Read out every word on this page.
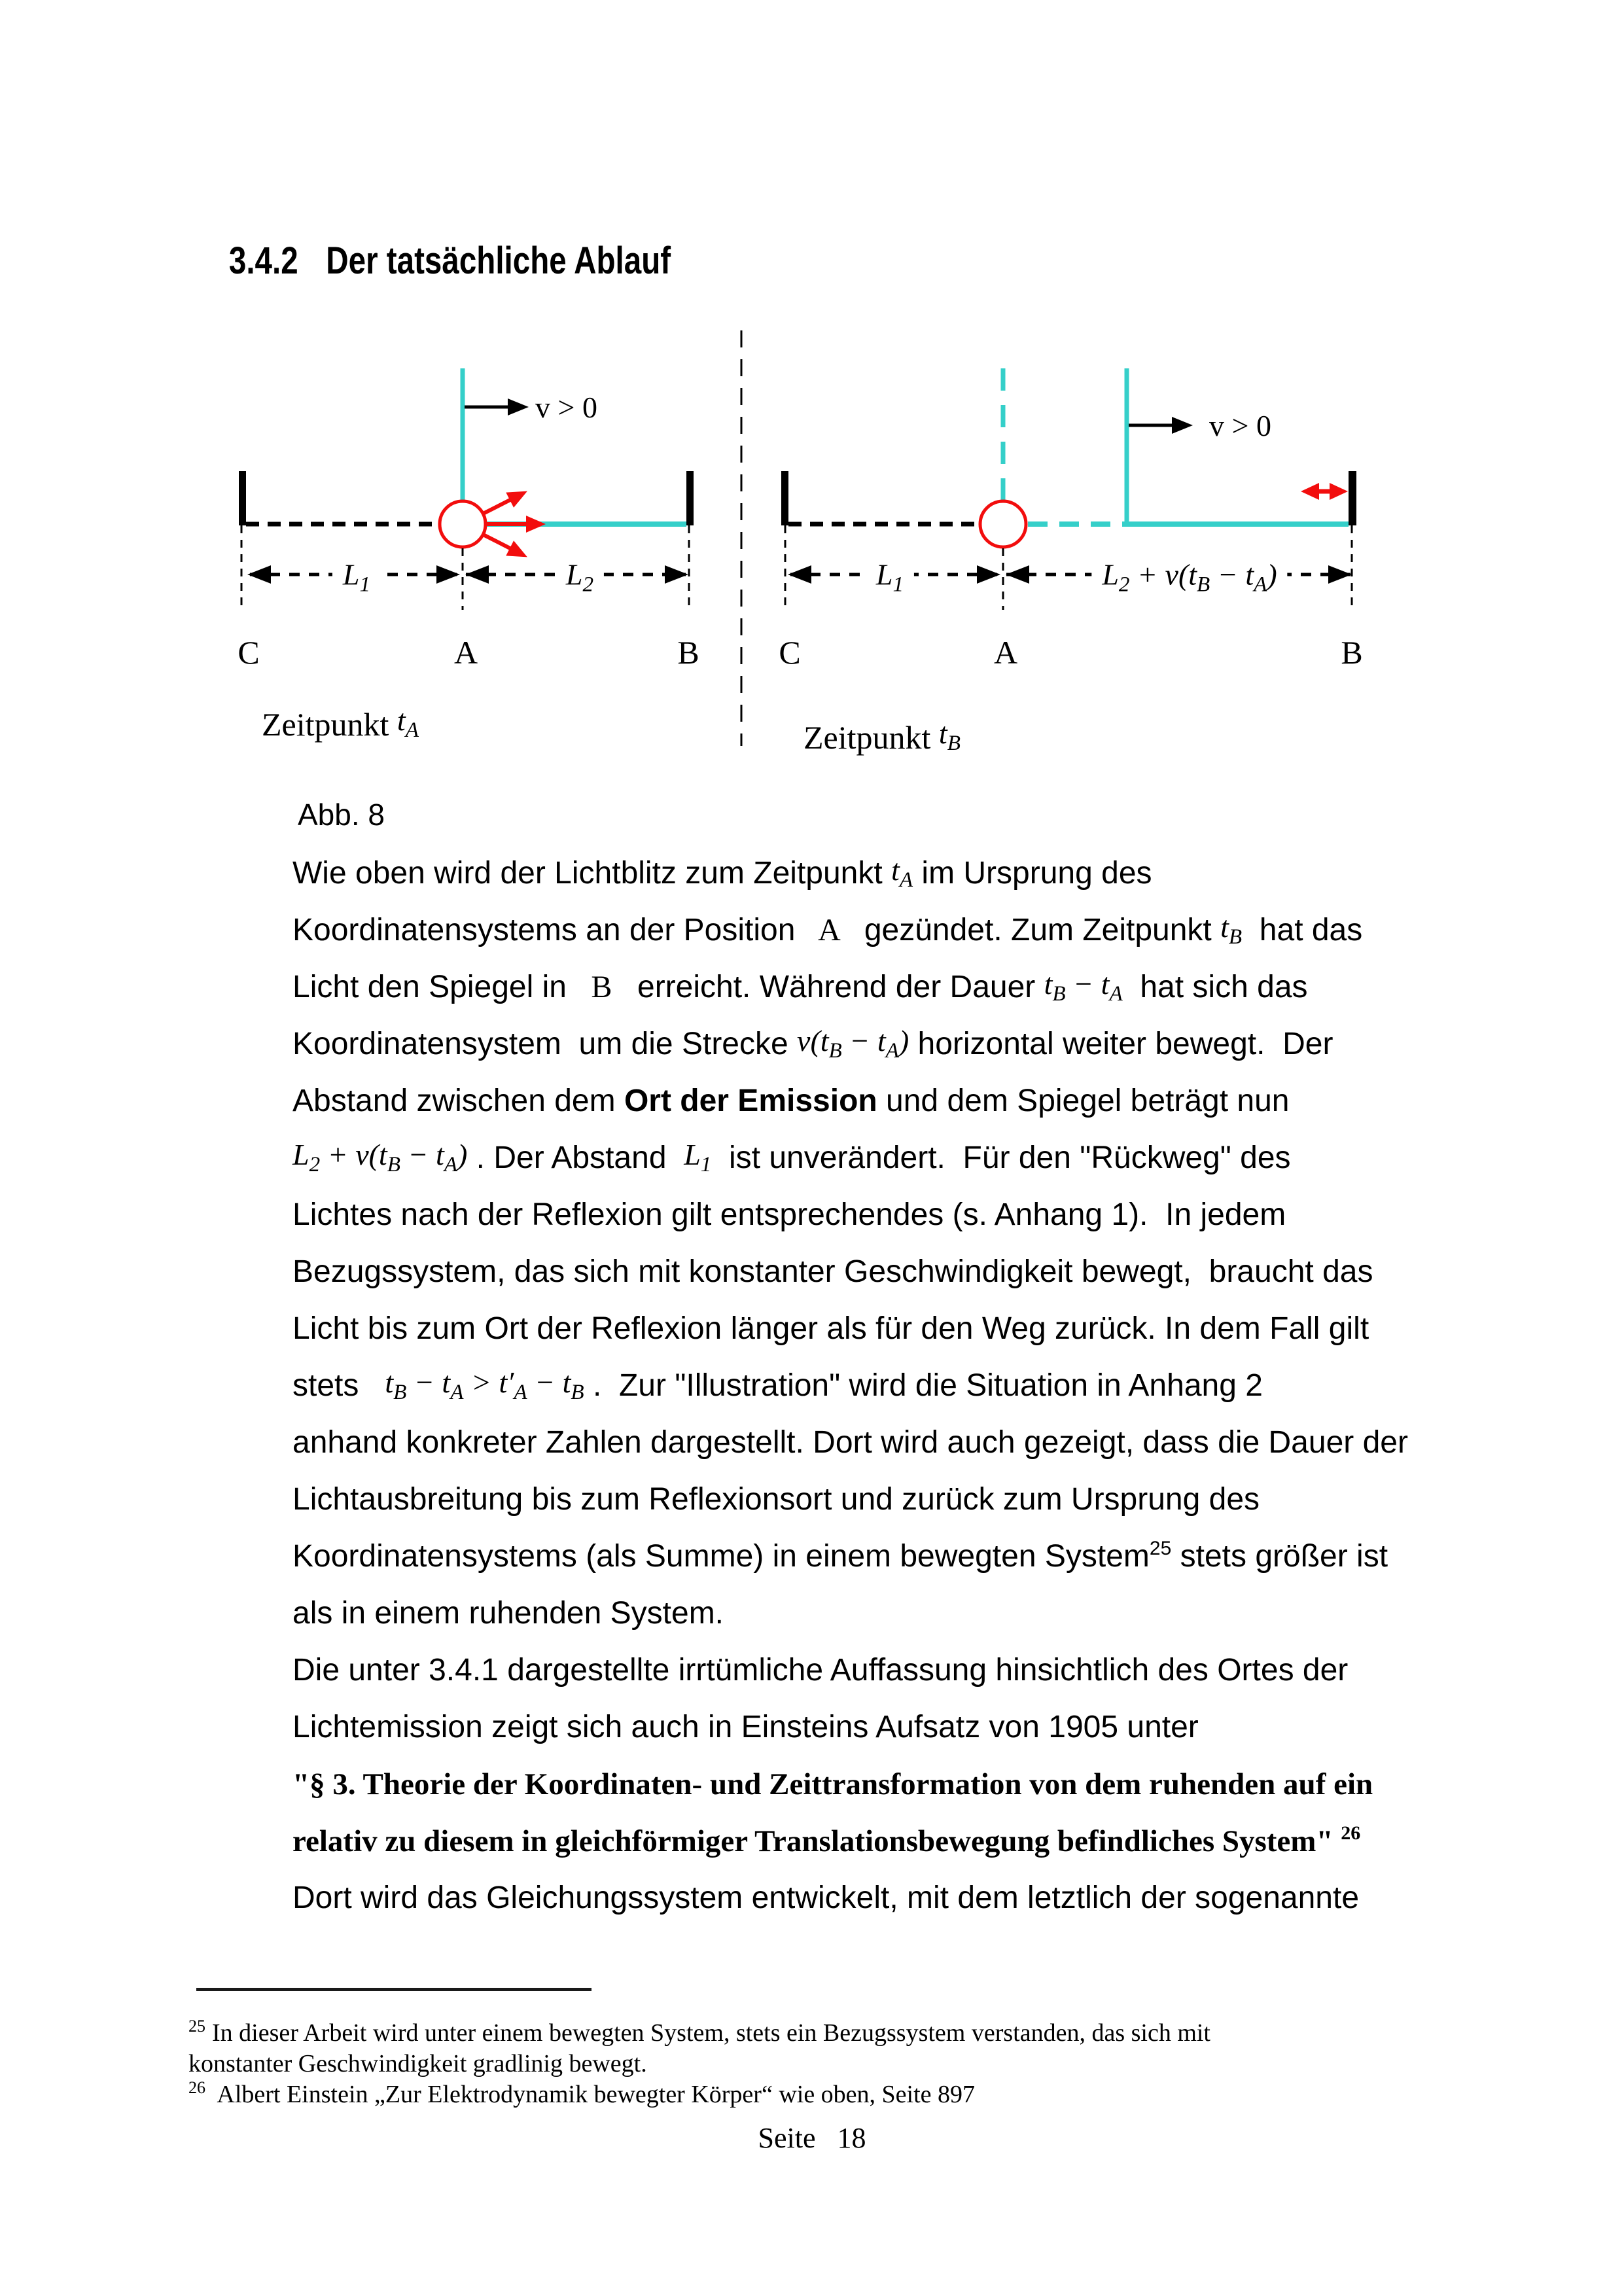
3.4.2 Der tatsächliche Ablauf

v > 0
v > 0
$L_1$	$L_2$	$L_1$	$L_2 + v(t_B - t_A)$
C	A	B C	A	B
Zeitpunkt $t_A$	Zeitpunkt $t_B$
Abb. 8
Wie oben wird der Lichtblitz zum Zeitpunkt $t_A$ im Ursprung des
Koordinatensystems an der Position   A   gezündet. Zum Zeitpunkt $t_B$  hat das
Licht den Spiegel in   B   erreicht. Während der Dauer $t_B - t_A$  hat sich das
Koordinatensystem  um die Strecke $v(t_B - t_A)$ horizontal weiter bewegt.  Der
Abstand zwischen dem Ort der Emission und dem Spiegel beträgt nun
$L_2 + v(t_B - t_A)$ . Der Abstand  $L_1$  ist unverändert.  Für den "Rückweg" des
Lichtes nach der Reflexion gilt entsprechendes (s. Anhang 1).  In jedem
Bezugssystem, das sich mit konstanter Geschwindigkeit bewegt,  braucht das
Licht bis zum Ort der Reflexion länger als für den Weg zurück. In dem Fall gilt
stets   $t_B - t_A > t'_A - t_B$ .  Zur "Illustration" wird die Situation in Anhang 2
anhand konkreter Zahlen dargestellt. Dort wird auch gezeigt, dass die Dauer der
Lichtausbreitung bis zum Reflexionsort und zurück zum Ursprung des
Koordinatensystems (als Summe) in einem bewegten System$^{25}$ stets größer ist
als in einem ruhenden System.
Die unter 3.4.1 dargestellte irrtümliche Auffassung hinsichtlich des Ortes der
Lichtemission zeigt sich auch in Einsteins Aufsatz von 1905 unter
"§ 3. Theorie der Koordinaten- und Zeittransformation von dem ruhenden auf ein
relativ zu diesem in gleichförmiger Translationsbewegung befindliches System" $^{26}$
Dort wird das Gleichungssystem entwickelt, mit dem letztlich der sogenannte
$^{25}$ In dieser Arbeit wird unter einem bewegten System, stets ein Bezugssystem verstanden, das sich mit
konstanter Geschwindigkeit gradlinig bewegt.
$^{26}$ Albert Einstein „Zur Elektrodynamik bewegter Körper“ wie oben, Seite 897
Seite 18
